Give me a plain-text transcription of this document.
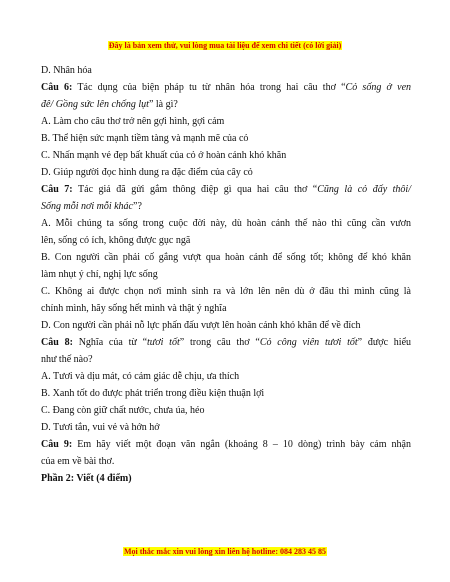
Đây là bản xem thử, vui lòng mua tài liệu để xem chi tiết (có lời giải)

D. Nhân hóa

Câu 6: Tác dụng của biện pháp tu từ nhân hóa trong hai câu thơ “Cỏ sống ở ven

đê/ Gồng sức lên chống lụt” là gì?

A. Làm cho câu thơ trở nên gợi hình, gợi cảm

B. Thể hiện sức mạnh tiềm tàng và mạnh mẽ của cỏ

C. Nhấn mạnh vẻ đẹp bất khuất của cỏ ở hoàn cảnh khó khăn

D. Giúp người đọc hình dung ra đặc điểm của cây cỏ

Câu 7: Tác giả đã gửi gắm thông điệp gì qua hai câu thơ “Cũng là cỏ đấy thôi/

Sống mỗi nơi mỗi khác”?

A. Mỗi chúng ta sống trong cuộc đời này, dù hoàn cảnh thế nào thì cũng cần vươn

lên, sống có ích, không được gục ngã

B. Con người cần phải cố gắng vượt qua hoàn cảnh để sống tốt; không để khó khăn

làm nhụt ý chí, nghị lực sống

C. Không ai được chọn nơi mình sinh ra và lớn lên nên dù ở đâu thì mình cũng là

chính mình, hãy sống hết mình và thật ý nghĩa

D. Con người cần phải nỗ lực phấn đấu vượt lên hoàn cảnh khó khăn để về đích

Câu 8: Nghĩa của từ “tươi tốt” trong câu thơ “Cỏ công viên tươi tốt” được hiểu

như thế nào?

A. Tươi và dịu mát, có cảm giác dễ chịu, ưa thích

B. Xanh tốt do được phát triển trong điều kiện thuận lợi

C. Đang còn giữ chất nước, chưa úa, héo

D. Tươi tắn, vui vẻ và hớn hở

Câu 9: Em hãy viết một đoạn văn ngắn (khoảng 8 – 10 dòng) trình bày cảm nhận

của em về bài thơ.

Phần 2: Viết (4 điểm)

Mọi thắc mắc xin vui lòng xin liên hệ hotline: 084 283 45 85
